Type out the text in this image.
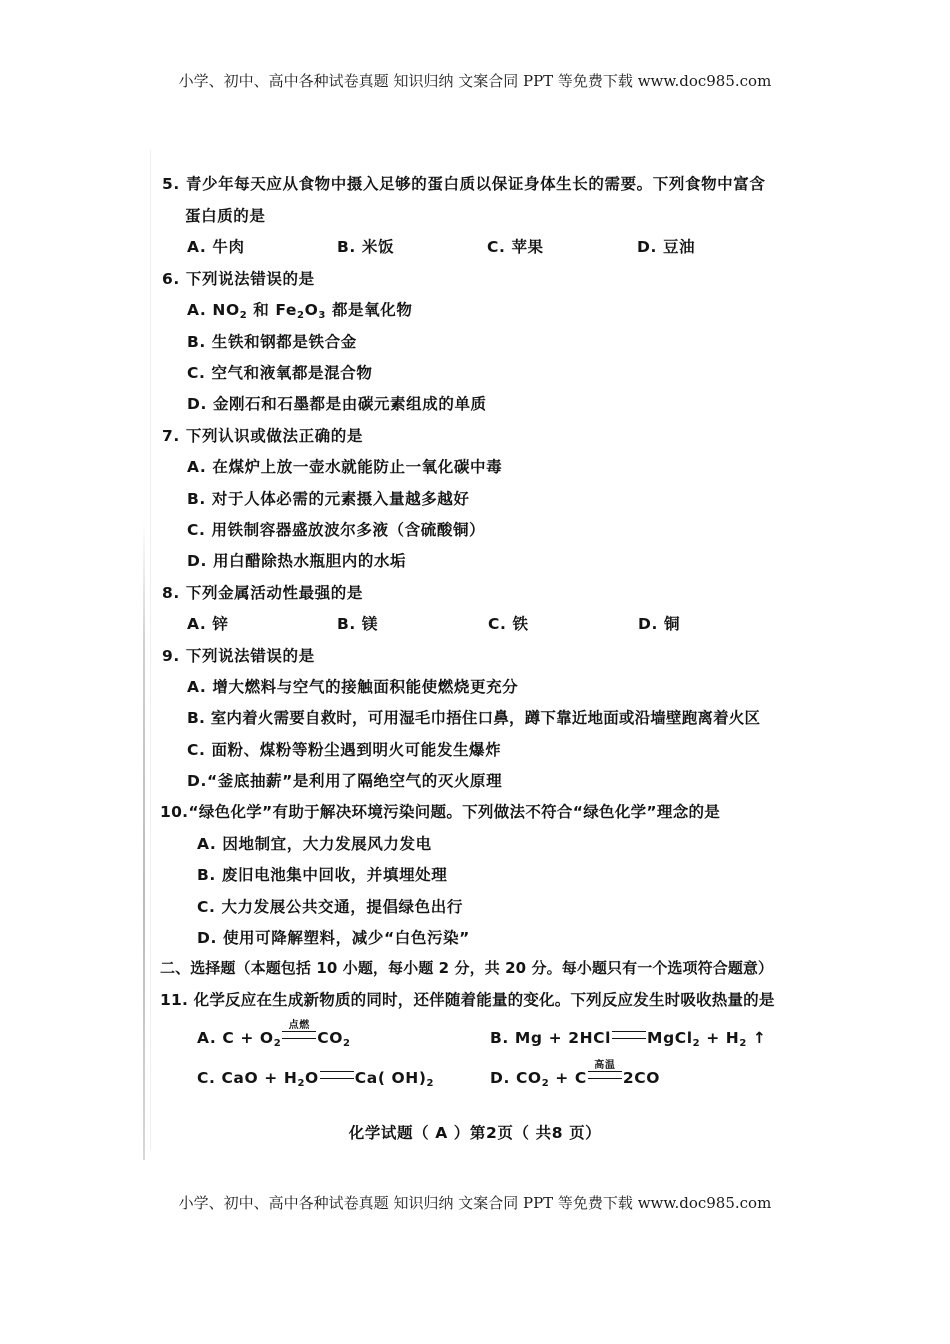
小学、初中、高中各种试卷真题 知识归纳 文案合同 PPT 等免费下载 www.doc985.com
5. 青少年每天应从食物中摄入足够的蛋白质以保证身体生长的需要。下列食物中富含
蛋白质的是
A. 牛肉	B. 米饭	C. 苹果	D. 豆油
6. 下列说法错误的是
A. $NO_2$ 和 $Fe_2O_3$ 都是氧化物
B. 生铁和钢都是铁合金
C. 空气和液氧都是混合物
D. 金刚石和石墨都是由碳元素组成的单质
7. 下列认识或做法正确的是
A. 在煤炉上放一壶水就能防止一氧化碳中毒
B. 对于人体必需的元素摄入量越多越好
C. 用铁制容器盛放波尔多液（含硫酸铜）
D. 用白醋除热水瓶胆内的水垢
8. 下列金属活动性最强的是
A. 锌	B. 镁	C. 铁	D. 铜
9. 下列说法错误的是
A. 增大燃料与空气的接触面积能使燃烧更充分
B. 室内着火需要自救时，可用湿毛巾捂住口鼻，蹲下靠近地面或沿墙壁跑离着火区
C. 面粉、煤粉等粉尘遇到明火可能发生爆炸
D.“釜底抽薪”是利用了隔绝空气的灭火原理
10.“绿色化学”有助于解决环境污染问题。下列做法不符合“绿色化学”理念的是
A. 因地制宜，大力发展风力发电
B. 废旧电池集中回收，并填埋处理
C. 大力发展公共交通，提倡绿色出行
D. 使用可降解塑料，减少“白色污染”
二、选择题（本题包括 10 小题，每小题 2 分，共 20 分。每小题只有一个选项符合题意）
11. 化学反应在生成新物质的同时，还伴随着能量的变化。下列反应发生时吸收热量的是
A. $C + O_2$
点燃
$CO_2$	B. Mg + 2HCl MgCl$_2$ + $H_2$ ↑
C. CaO + $H_2O$ Ca( $OH)_2$	D. $CO_2 + C$
高温
2CO
化学试题（ A ）第2页（ 共8 页）
小学、初中、高中各种试卷真题 知识归纳 文案合同 PPT 等免费下载 www.doc985.com
